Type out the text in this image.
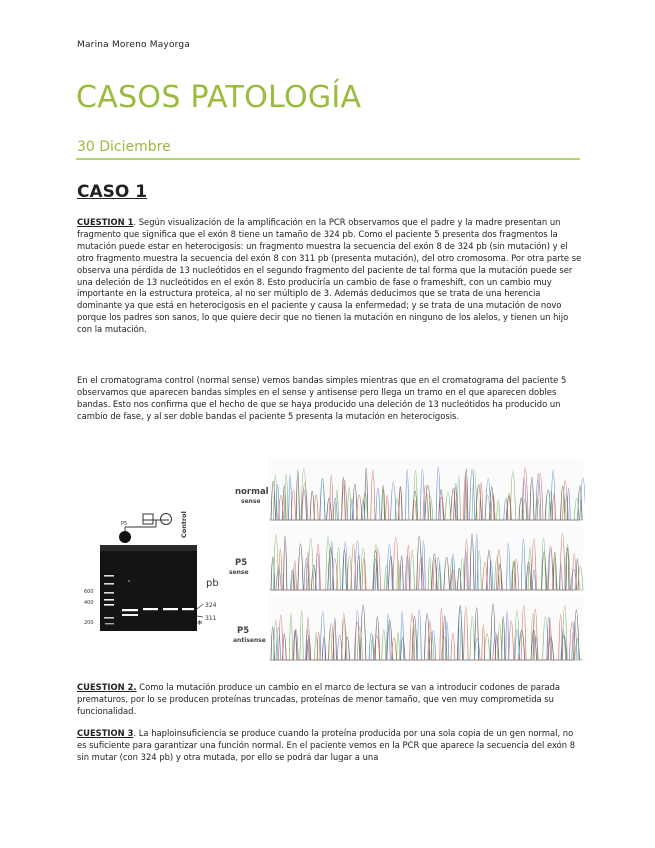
Marina Moreno Mayorga
CASOS PATOLOGÍA
30 Diciembre
CASO 1
CUESTION 1. Según visualización de la amplificación en la PCR observamos que el padre y la madre presentan un fragmento que significa que el exón 8 tiene un tamaño de 324 pb. Como el paciente 5 presenta dos fragmentos la mutación puede estar en heterocigosis: un fragmento muestra la secuencia del exón 8 de 324 pb (sin mutación) y el otro fragmento muestra la secuencia del exón 8 con 311 pb (presenta mutación), del otro cromosoma. Por otra parte se observa una pérdida de 13 nucleótidos en el segundo fragmento del paciente de tal forma que la mutación puede ser una deleción de 13 nucleótidos en el exón 8. Esto produciría un cambio de fase o frameshift, con un cambio muy importante en la estructura proteica, al no ser múltiplo de 3. Además deducimos que se trata de una herencia dominante ya que está en heterocigosis en el paciente y causa la enfermedad; y se trata de una mutación de novo porque los padres son sanos, lo que quiere decir que no tienen la mutación en ninguno de los alelos, y tienen un hijo con la mutación.
En el cromatograma control (normal sense) vemos bandas simples mientras que en el cromatograma del paciente 5 observamos que aparecen bandas simples en el sense y antisense pero llega un tramo en el que aparecen dobles bandas. Esto nos confirma que el hecho de que se haya producido una deleción de 13 nucleótidos ha producido un cambio de fase, y al ser doble bandas el paciente 5 presenta la mutación en heterocigosis.
P5	Control
600
400
200
pb
324
311
*
normal
sense
P5
sense
P5
antisense
CUESTION 2. Como la mutación produce un cambio en el marco de lectura se van a introducir codones de parada prematuros, por lo se producen proteínas truncadas, proteínas de menor tamaño, que ven muy comprometida su funcionalidad.
CUESTION 3. La haploinsuficiencia se produce cuando la proteína producida por una sola copia de un gen normal, no es suficiente para garantizar una función normal. En el paciente vemos en la PCR que aparece la secuencia del exón 8 sin mutar (con 324 pb) y otra mutada, por ello se podrá dar lugar a una
